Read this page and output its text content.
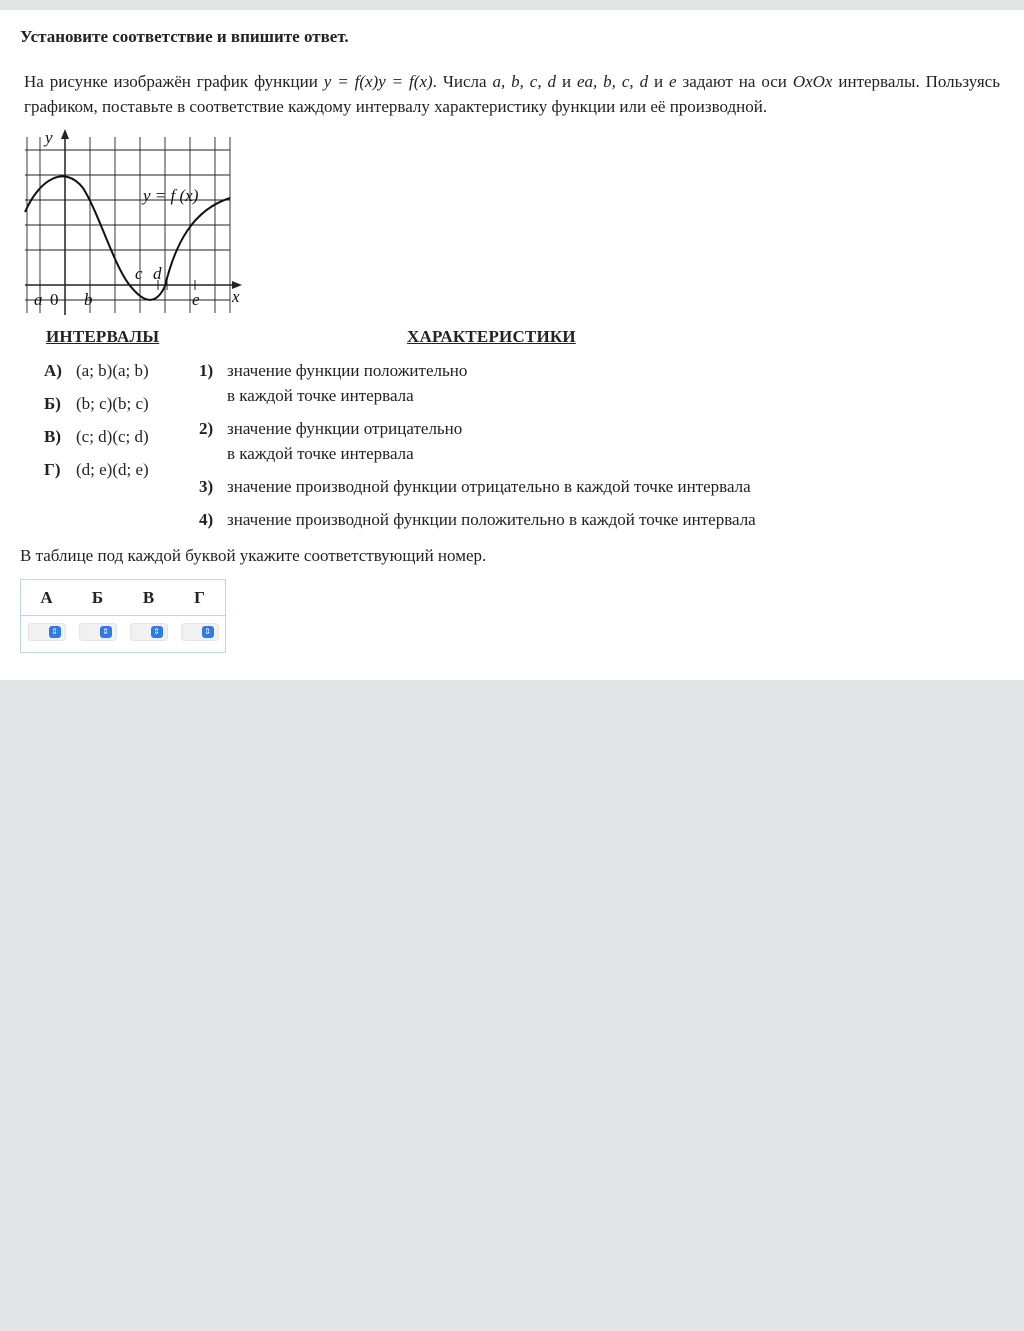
Установите соответствие и впишите ответ.
На рисунке изображён график функции y = f(x)y = f(x). Числа a, b, c, d и ea, b, c, d и e задают на оси OxOx интервалы. Пользуясь графиком, поставьте в соответствие каждому интервалу характеристику функции или её производной.
y
x
y = f (x)
a 0 b
c d
e
ИНТЕРВАЛЫ	ХАРАКТЕРИСТИКИ
А) (a; b)(a; b)
Б) (b; c)(b; c)
В) (c; d)(c; d)
Г) (d; e)(d; e)
1) значение функции положительно
в каждой точке интервала
2) значение функции отрицательно
в каждой точке интервала
3) значение производной функции отрицательно в каждой точке интервала
4) значение производной функции положительно в каждой точке интервала
В таблице под каждой буквой укажите соответствующий номер.
А	Б	В	Г

⇕	⇕	⇕	⇕
